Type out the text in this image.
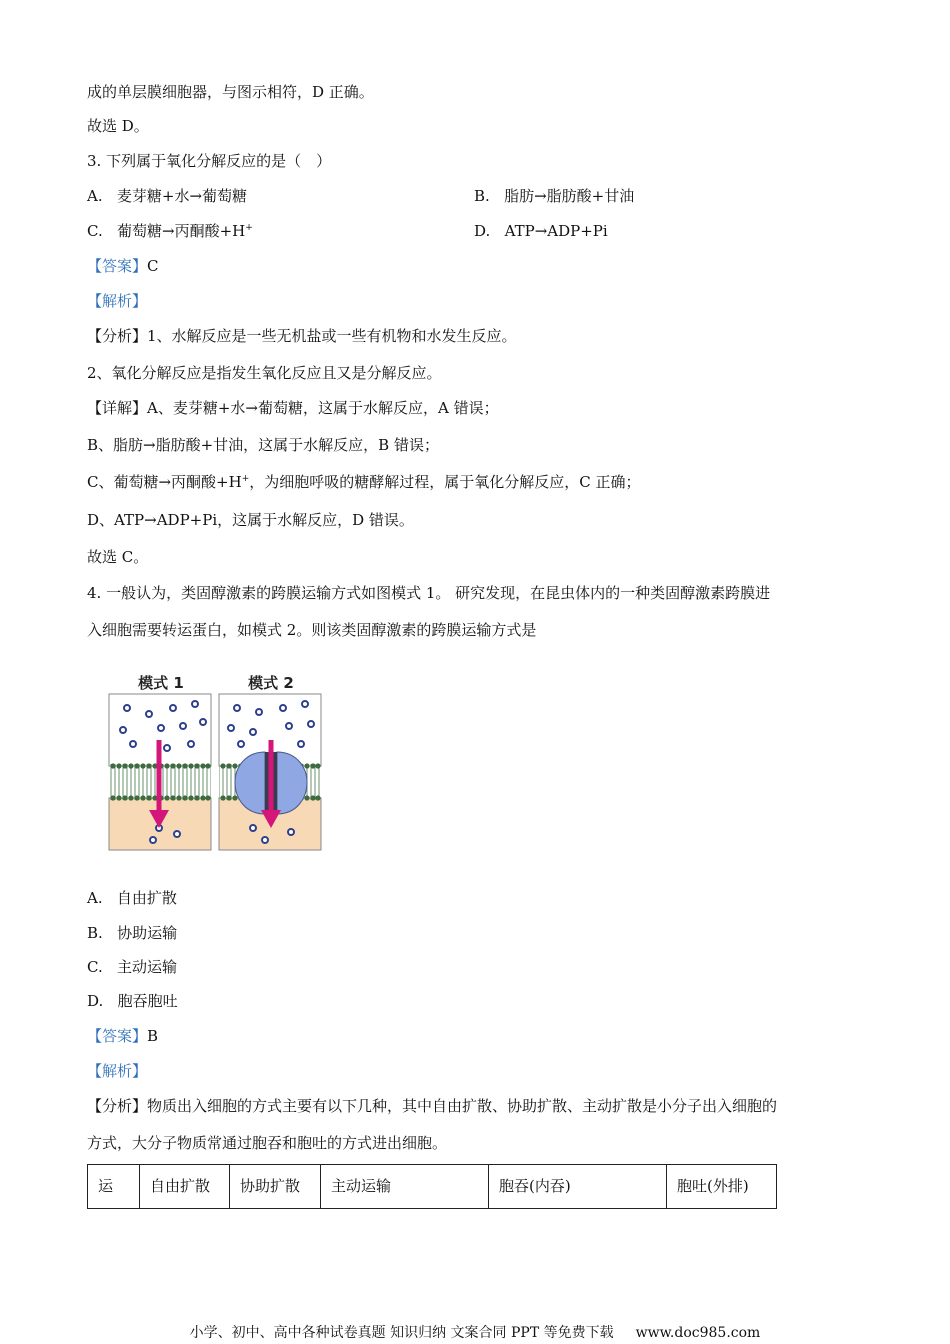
成的单层膜细胞器，与图示相符，D 正确。
故选 D。
3. 下列属于氧化分解反应的是（　）
A. 麦芽糖+水→葡萄糖	B. 脂肪→脂肪酸+甘油
C. 葡萄糖→丙酮酸+H+	D. ATP→ADP+Pi
【答案】C
【解析】
【分析】1、水解反应是一些无机盐或一些有机物和水发生反应。
2、氧化分解反应是指发生氧化反应且又是分解反应。
【详解】A、麦芽糖+水→葡萄糖，这属于水解反应，A 错误；
B、脂肪→脂肪酸+甘油，这属于水解反应，B 错误；
C、葡萄糖→丙酮酸+H+，为细胞呼吸的糖酵解过程，属于氧化分解反应，C 正确；
D、ATP→ADP+Pi，这属于水解反应，D 错误。
故选 C。
4. 一般认为，类固醇激素的跨膜运输方式如图模式 1。 研究发现，在昆虫体内的一种类固醇激素跨膜进
入细胞需要转运蛋白，如模式 2。则该类固醇激素的跨膜运输方式是
模式 1	模式 2
A. 自由扩散
B. 协助运输
C. 主动运输
D. 胞吞胞吐
【答案】B
【解析】
【分析】物质出入细胞的方式主要有以下几种，其中自由扩散、协助扩散、主动扩散是小分子出入细胞的
方式，大分子物质常通过胞吞和胞吐的方式进出细胞。
运	自由扩散	协助扩散	主动运输	胞吞(内吞)	胞吐(外排)
小学、初中、高中各种试卷真题 知识归纳 文案合同 PPT 等免费下载 www.doc985.com
